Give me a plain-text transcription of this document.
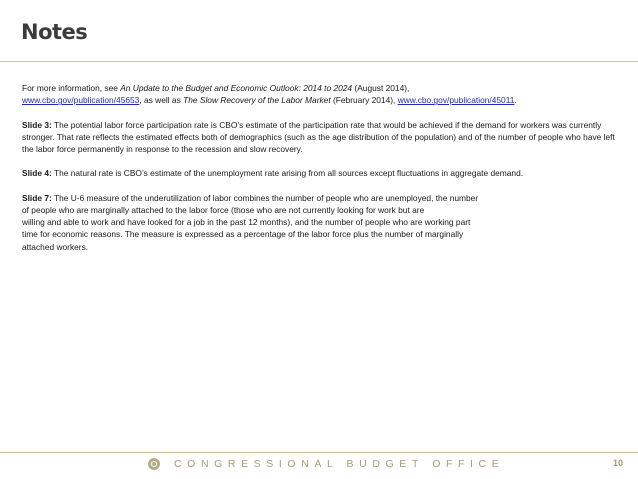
Notes

For more information, see An Update to the Budget and Economic Outlook: 2014 to 2024 (August 2014),
www.cbo.gov/publication/45653, as well as The Slow Recovery of the Labor Market (February 2014), www.cbo.gov/publication/45011.

Slide 3: The potential labor force participation rate is CBO’s estimate of the participation rate that would be achieved if the demand for workers was currently stronger. That rate reflects the estimated effects both of demographics (such as the age distribution of the population) and of the number of people who have left the labor force permanently in response to the recession and slow recovery.

Slide 4: The natural rate is CBO’s estimate of the unemployment rate arising from all sources except fluctuations in aggregate demand.

Slide 7: The U-6 measure of the underutilization of labor combines the number of people who are unemployed, the number
of people who are marginally attached to the labor force (those who are not currently looking for work but are
willing and able to work and have looked for a job in the past 12 months), and the number of people who are working part
time for economic reasons. The measure is expressed as a percentage of the labor force plus the number of marginally
attached workers.

CONGRESSIONAL BUDGET OFFICE	10
